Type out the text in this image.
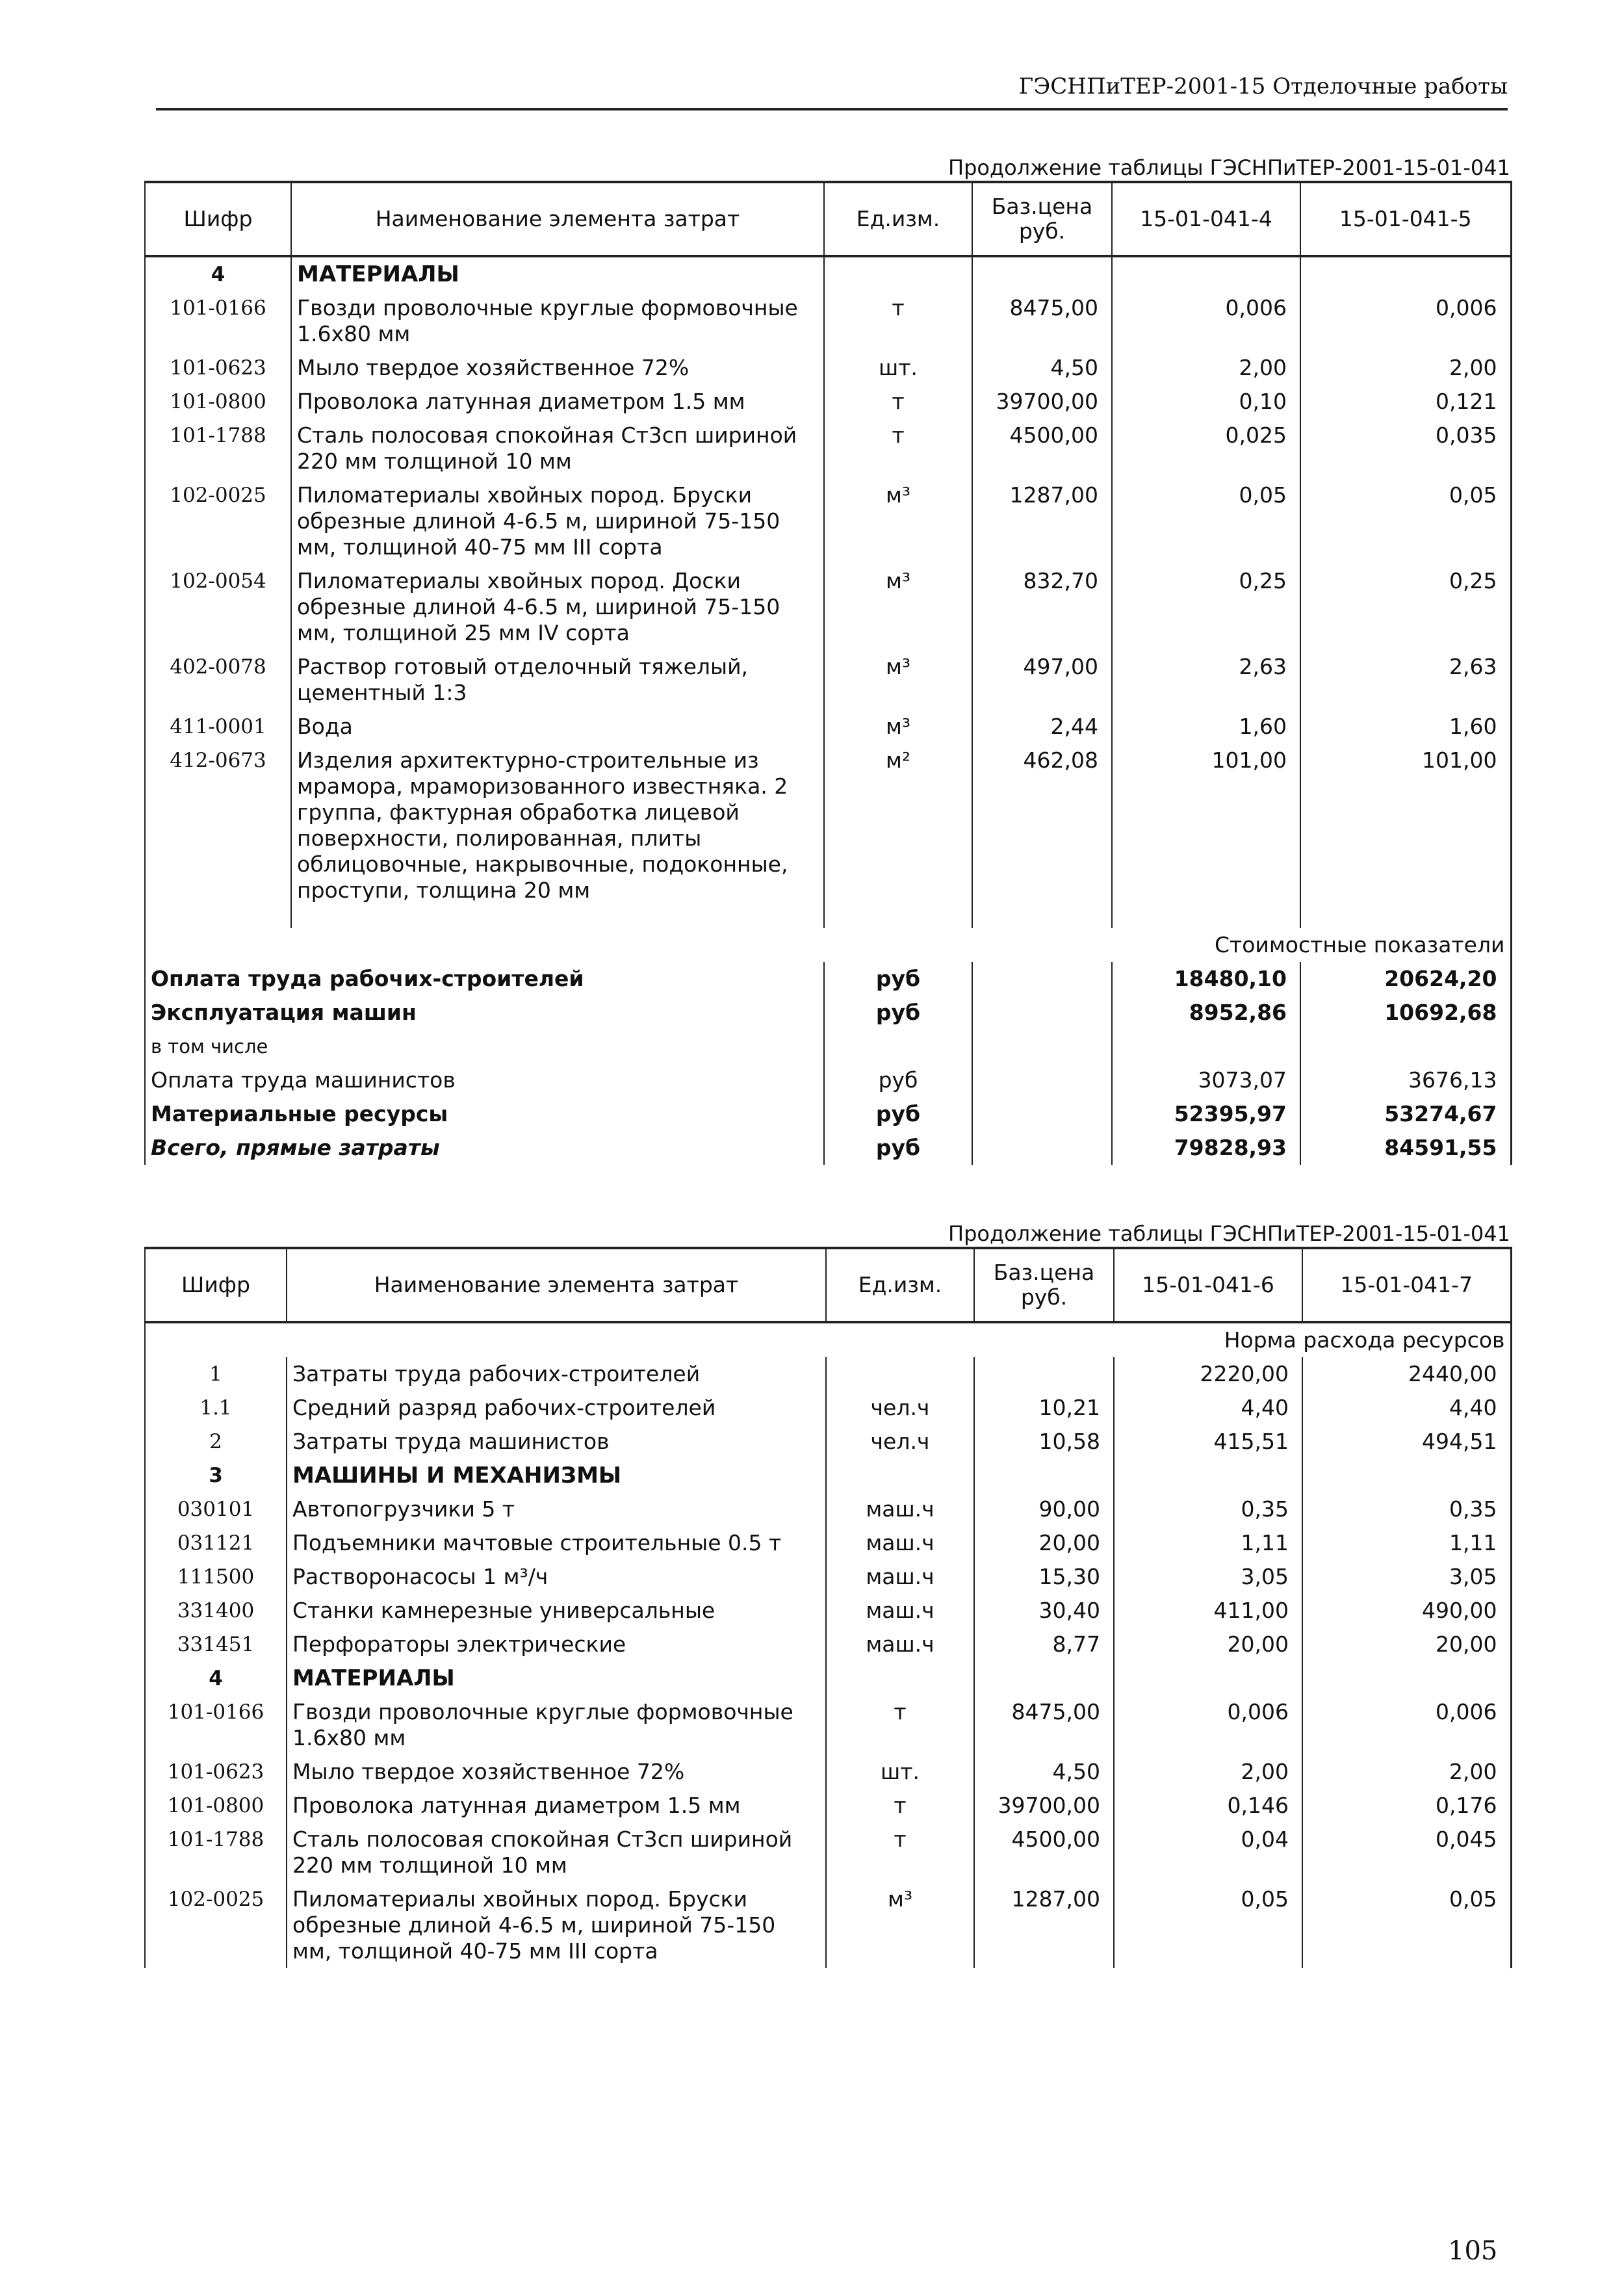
ГЭСНПиТЕР-2001-15 Отделочные работы
Продолжение таблицы ГЭСНПиТЕР-2001-15-01-041
Шифр	Наименование элемента затрат	Ед.изм.	Баз.цена руб.	15-01-041-4	15-01-041-5
4	МАТЕРИАЛЫ				
101-0166	Гвозди проволочные круглые формовочные 1.6х80 мм	т	8475,00	0,006	0,006
101-0623	Мыло твердое хозяйственное 72%	шт.	4,50	2,00	2,00
101-0800	Проволока латунная диаметром 1.5 мм	т	39700,00	0,10	0,121
101-1788	Сталь полосовая спокойная Ст3сп шириной 220 мм толщиной 10 мм	т	4500,00	0,025	0,035
102-0025	Пиломатериалы хвойных пород. Бруски обрезные длиной 4-6.5 м, шириной 75-150 мм, толщиной 40-75 мм III сорта	м³	1287,00	0,05	0,05
102-0054	Пиломатериалы хвойных пород. Доски обрезные длиной 4-6.5 м, шириной 75-150 мм, толщиной 25 мм IV сорта	м³	832,70	0,25	0,25
402-0078	Раствор готовый отделочный тяжелый, цементный 1:3	м³	497,00	2,63	2,63
411-0001	Вода	м³	2,44	1,60	1,60
412-0673	Изделия архитектурно-строительные из мрамора, мраморизованного известняка. 2 группа, фактурная обработка лицевой поверхности, полированная, плиты облицовочные, накрывочные, подоконные, проступи, толщина 20 мм	м²	462,08	101,00	101,00

Стоимостные показатели					
Оплата труда рабочих-строителей		руб		18480,10	20624,20
Эксплуатация машин		руб		8952,86	10692,68
в том числе					
Оплата труда машинистов		руб		3073,07	3676,13
Материальные ресурсы		руб		52395,97	53274,67
Всего, прямые затраты		руб		79828,93	84591,55
Продолжение таблицы ГЭСНПиТЕР-2001-15-01-041
Шифр	Наименование элемента затрат	Ед.изм.	Баз.цена руб.	15-01-041-6	15-01-041-7
Норма расхода ресурсов					
1	Затраты труда рабочих-строителей			2220,00	2440,00
1.1	Средний разряд рабочих-строителей	чел.ч	10,21	4,40	4,40
2	Затраты труда машинистов	чел.ч	10,58	415,51	494,51
3	МАШИНЫ И МЕХАНИЗМЫ				
030101	Автопогрузчики 5 т	маш.ч	90,00	0,35	0,35
031121	Подъемники мачтовые строительные 0.5 т	маш.ч	20,00	1,11	1,11
111500	Растворонасосы 1 м³/ч	маш.ч	15,30	3,05	3,05
331400	Станки камнерезные универсальные	маш.ч	30,40	411,00	490,00
331451	Перфораторы электрические	маш.ч	8,77	20,00	20,00
4	МАТЕРИАЛЫ				
101-0166	Гвозди проволочные круглые формовочные 1.6х80 мм	т	8475,00	0,006	0,006
101-0623	Мыло твердое хозяйственное 72%	шт.	4,50	2,00	2,00
101-0800	Проволока латунная диаметром 1.5 мм	т	39700,00	0,146	0,176
101-1788	Сталь полосовая спокойная Ст3сп шириной 220 мм толщиной 10 мм	т	4500,00	0,04	0,045
102-0025	Пиломатериалы хвойных пород. Бруски обрезные длиной 4-6.5 м, шириной 75-150 мм, толщиной 40-75 мм III сорта	м³	1287,00	0,05	0,05
105
